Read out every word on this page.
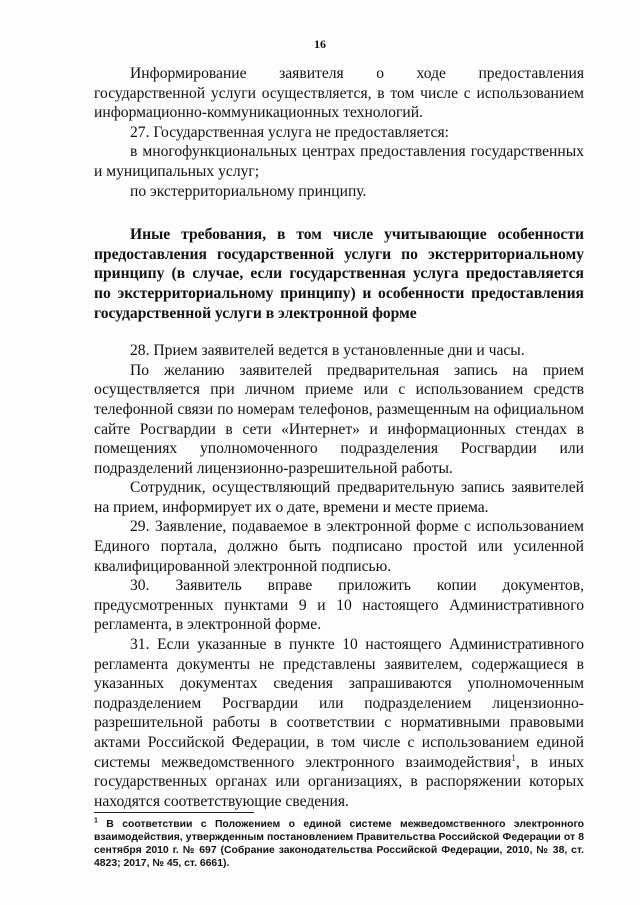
16

Информирование заявителя о ходе предоставления государственной услуги осуществляется, в том числе с использованием информационно-коммуникационных технологий.

27. Государственная услуга не предоставляется:

в многофункциональных центрах предоставления государственных и муниципальных услуг;

по экстерриториальному принципу.

Иные требования, в том числе учитывающие особенности предоставления государственной услуги по экстерриториальному принципу (в случае, если государственная услуга предоставляется по экстерриториальному принципу) и особенности предоставления государственной услуги в электронной форме

28. Прием заявителей ведется в установленные дни и часы.

По желанию заявителей предварительная запись на прием осуществляется при личном приеме или с использованием средств телефонной связи по номерам телефонов, размещенным на официальном сайте Росгвардии в сети «Интернет» и информационных стендах в помещениях уполномоченного подразделения Росгвардии или подразделений лицензионно-разрешительной работы.

Сотрудник, осуществляющий предварительную запись заявителей на прием, информирует их о дате, времени и месте приема.

29. Заявление, подаваемое в электронной форме с использованием Единого портала, должно быть подписано простой или усиленной квалифицированной электронной подписью.

30. Заявитель вправе приложить копии документов, предусмотренных пунктами 9 и 10 настоящего Административного регламента, в электронной форме.

31. Если указанные в пункте 10 настоящего Административного регламента документы не представлены заявителем, содержащиеся в указанных документах сведения запрашиваются уполномоченным подразделением Росгвардии или подразделением лицензионно-разрешительной работы в соответствии с нормативными правовыми актами Российской Федерации, в том числе с использованием единой системы межведомственного электронного взаимодействия$^1$, в иных государственных органах или организациях, в распоряжении которых находятся соответствующие сведения.

$^1$ В соответствии с Положением о единой системе межведомственного электронного взаимодействия, утвержденным постановлением Правительства Российской Федерации от 8 сентября 2010 г. № 697 (Собрание законодательства Российской Федерации, 2010, № 38, ст. 4823; 2017, № 45, ст. 6661).
